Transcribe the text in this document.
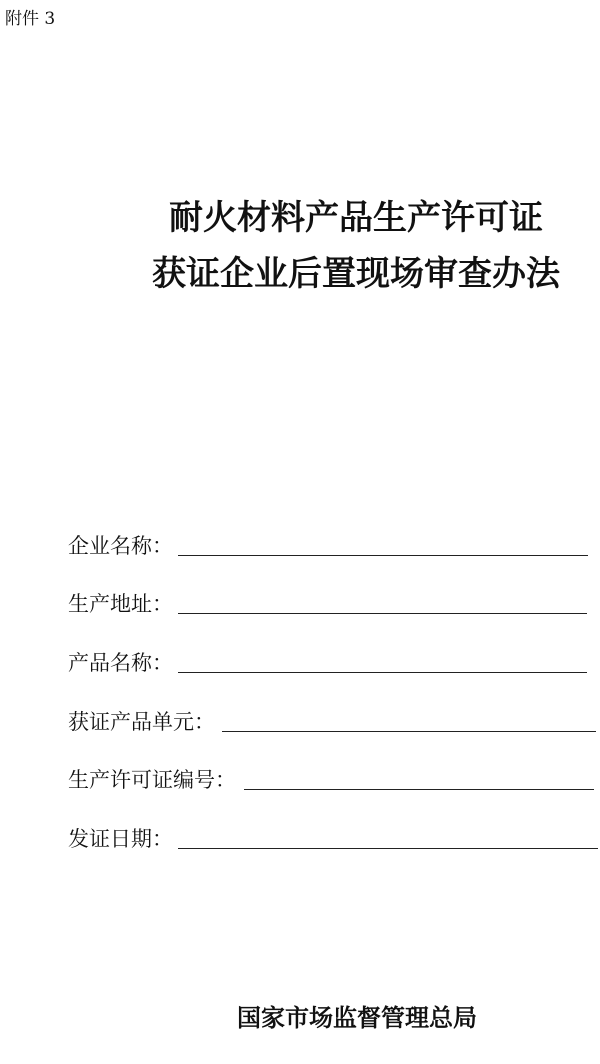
附件 3
耐火材料产品生产许可证
获证企业后置现场审查办法
企业名称：
生产地址：
产品名称：
获证产品单元：
生产许可证编号：
发证日期：
国家市场监督管理总局
